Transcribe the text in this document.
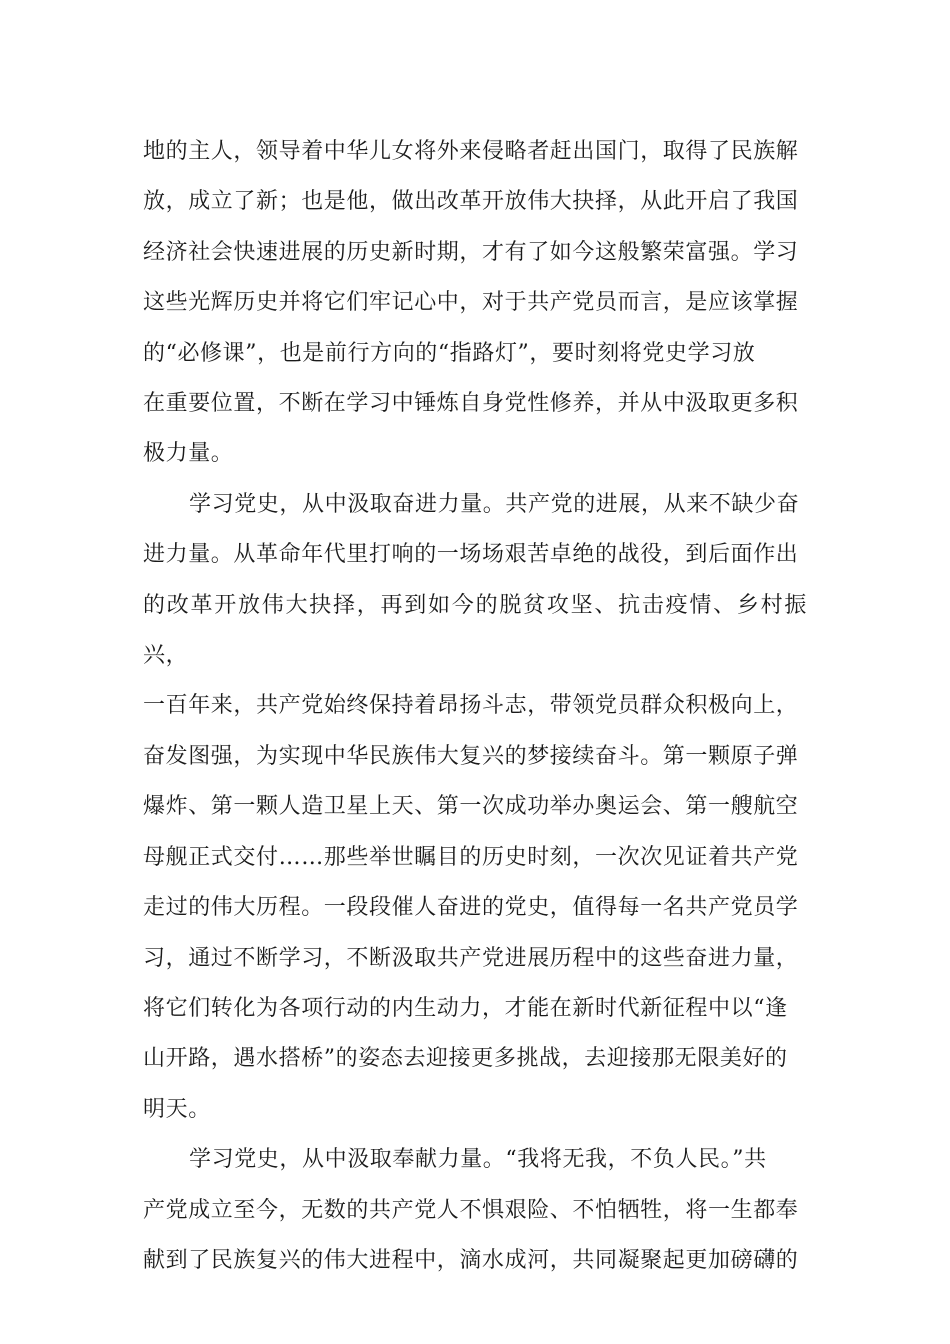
地的主人，领导着中华儿女将外来侵略者赶出国门，取得了民族解
放，成立了新；也是他，做出改革开放伟大抉择，从此开启了我国
经济社会快速进展的历史新时期，才有了如今这般繁荣富强。学习
这些光辉历史并将它们牢记心中，对于共产党员而言，是应该掌握
的“必修课”，也是前行方向的“指路灯”，要时刻将党史学习放
在重要位置，不断在学习中锤炼自身党性修养，并从中汲取更多积
极力量。

学习党史，从中汲取奋进力量。共产党的进展，从来不缺少奋
进力量。从革命年代里打响的一场场艰苦卓绝的战役，到后面作出
的改革开放伟大抉择，再到如今的脱贫攻坚、抗击疫情、乡村振兴，
一百年来，共产党始终保持着昂扬斗志，带领党员群众积极向上，
奋发图强，为实现中华民族伟大复兴的梦接续奋斗。第一颗原子弹
爆炸、第一颗人造卫星上天、第一次成功举办奥运会、第一艘航空
母舰正式交付……那些举世瞩目的历史时刻，一次次见证着共产党
走过的伟大历程。一段段催人奋进的党史，值得每一名共产党员学
习，通过不断学习，不断汲取共产党进展历程中的这些奋进力量，
将它们转化为各项行动的内生动力，才能在新时代新征程中以“逢
山开路，遇水搭桥”的姿态去迎接更多挑战，去迎接那无限美好的
明天。

学习党史，从中汲取奉献力量。“我将无我，不负人民。”共
产党成立至今，无数的共产党人不惧艰险、不怕牺牲，将一生都奉
献到了民族复兴的伟大进程中，滴水成河，共同凝聚起更加磅礴的
